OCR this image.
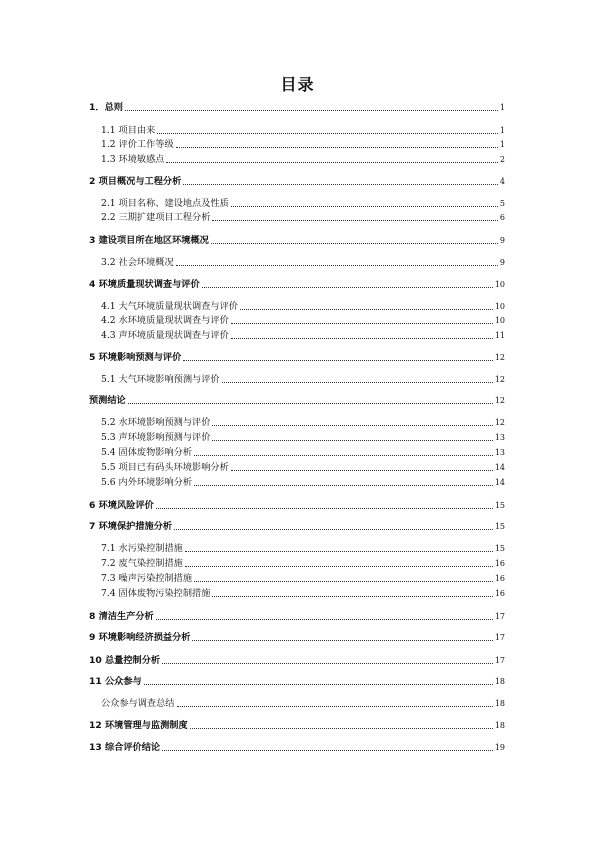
目录
1．总则	1
1.1 项目由来	1
1.2 评价工作等级	1
1.3 环境敏感点	2
2 项目概况与工程分析	4
2.1 项目名称、建设地点及性质	5
2.2 三期扩建项目工程分析	6
3 建设项目所在地区环境概况	9
3.2 社会环境概况	9
4 环境质量现状调查与评价	10
4.1 大气环境质量现状调查与评价	10
4.2 水环境质量现状调查与评价	10
4.3 声环境质量现状调查与评价	11
5 环境影响预测与评价	12
5.1 大气环境影响预测与评价	12
预测结论	12
5.2 水环境影响预测与评价	12
5.3 声环境影响预测与评价	13
5.4 固体废物影响分析	13
5.5 项目已有码头环境影响分析	14
5.6 内外环境影响分析	14
6 环境风险评价	15
7 环境保护措施分析	15
7.1 水污染控制措施	15
7.2 废气染控制措施	16
7.3 噪声污染控制措施	16
7.4 固体废物污染控制措施	16
8 清洁生产分析	17
9 环境影响经济损益分析	17
10 总量控制分析	17
11 公众参与	18
公众参与调查总结	18
12 环境管理与监测制度	18
13 综合评价结论	19
